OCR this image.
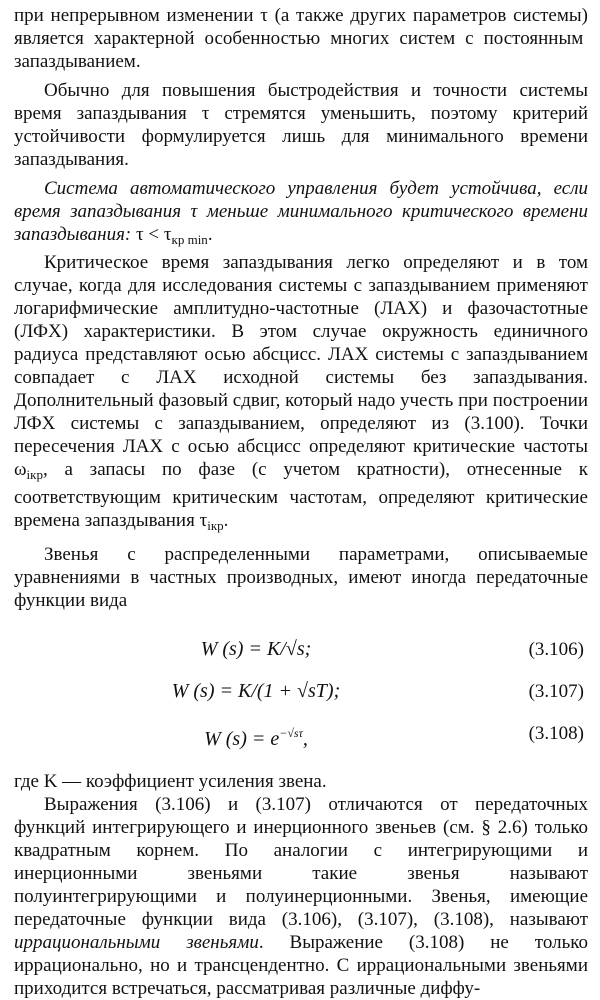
при непрерывном изменении τ (а также других параметров системы) является характерной особенностью многих систем с постоянным  запаздыванием.

Обычно для повышения быстродействия и точности системы время запаздывания τ стремятся уменьшить, поэтому критерий устойчивости формулируется лишь для минимального времени запаздывания.

Система автоматического управления будет устойчива, если время запаздывания τ меньше минимального критического времени запаздывания: $\tau < \tau_{кр min}$.

Критическое время запаздывания легко определяют и в том случае, когда для исследования системы с запаздыванием применяют логарифмические амплитудно-частотные (ЛАХ) и фазочастотные (ЛФХ) характеристики. В этом случае окружность единичного радиуса представляют осью абсцисс. ЛАХ системы с запаздыванием совпадает с ЛАХ исходной системы без запаздывания. Дополнительный фазовый сдвиг, который надо учесть при построении ЛФХ системы с запаздыванием, определяют из (3.100). Точки пересечения ЛАХ с осью абсцисс определяют критические частоты $\omega_{iкр}$, а запасы по фазе (с учетом кратности), отнесенные к соответствующим критическим частотам, определяют критические времена запаздывания $\tau_{iкр}$.

Звенья с распределенными параметрами, описываемые уравнениями в частных производных, имеют иногда передаточные функции вида

W (s) = K/√s;	(3.106)
W (s) = K/(1 + √sT);	(3.107)
W $(s) = e^{-√s\tau}$,	(3.108)

где K — коэффициент усиления звена.

Выражения (3.106) и (3.107) отличаются от передаточных функций интегрирующего и инерционного звеньев (см. § 2.6) только квадратным корнем. По аналогии с интегрирующими и инерционными звеньями такие звенья называют полуинтегрирующими и полуинерционными. Звенья, имеющие передаточные функции вида (3.106), (3.107), (3.108), называют иррациональными звеньями. Выражение (3.108) не только иррационально, но и трансцендентно. С иррациональными звеньями приходится встречаться, рассматривая различные диффу-
